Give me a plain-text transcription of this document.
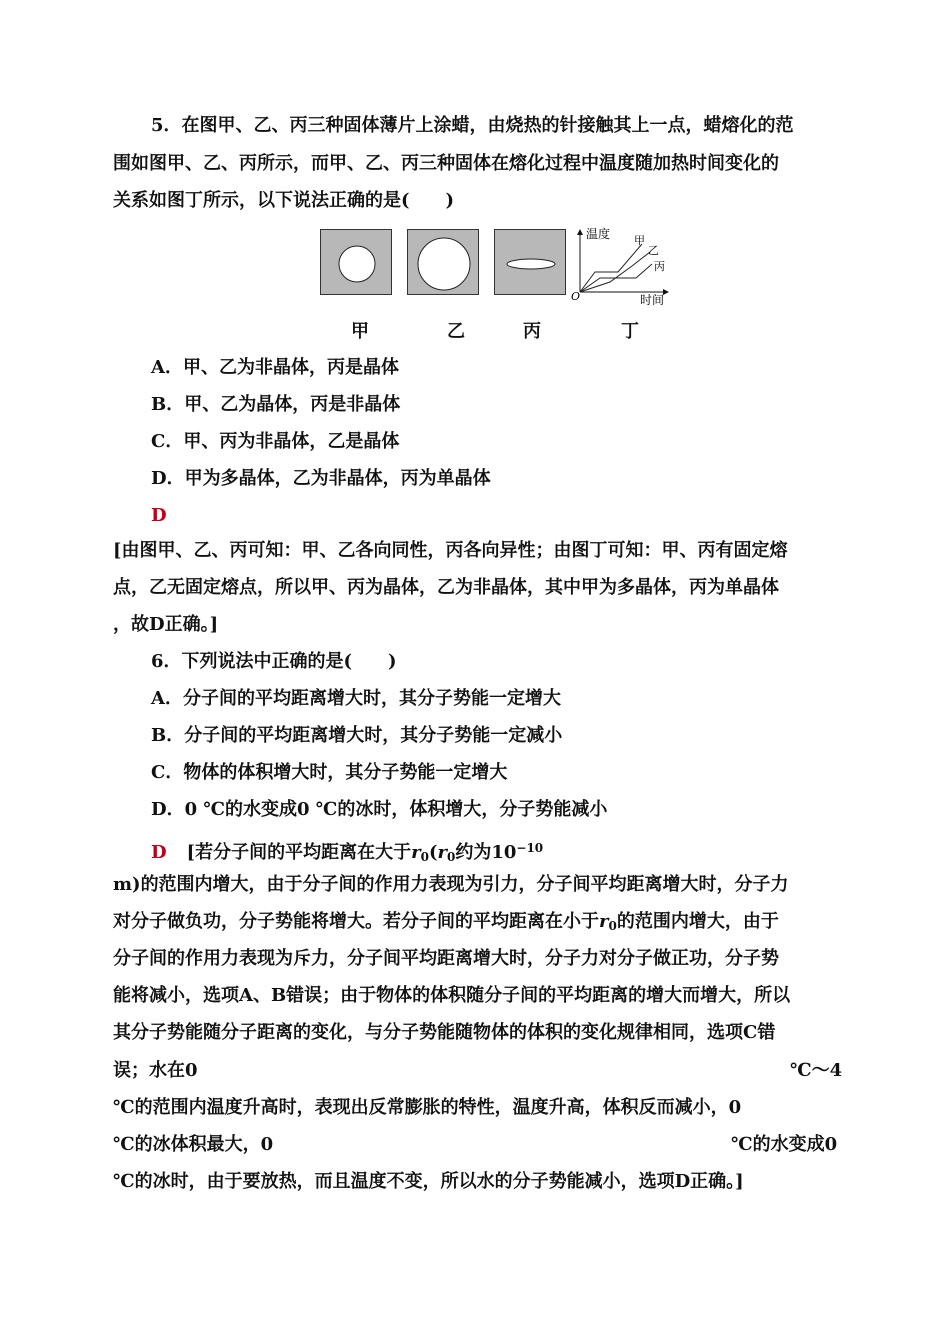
5．在图甲、乙、丙三种固体薄片上涂蜡，由烧热的针接触其上一点，蜡熔化的范
围如图甲、乙、丙所示，而甲、乙、丙三种固体在熔化过程中温度随加热时间变化的
关系如图丁所示，以下说法正确的是(　　)
温度
时间
O
甲
乙
丙
甲	乙	丙	丁
A．甲、乙为非晶体，丙是晶体
B．甲、乙为晶体，丙是非晶体
C．甲、丙为非晶体，乙是晶体
D．甲为多晶体，乙为非晶体，丙为单晶体
D
[由图甲、乙、丙可知：甲、乙各向同性，丙各向异性；由图丁可知：甲、丙有固定熔
点，乙无固定熔点，所以甲、丙为晶体，乙为非晶体，其中甲为多晶体，丙为单晶体
，故D正确。]
6．下列说法中正确的是(　　)
A．分子间的平均距离增大时，其分子势能一定增大
B．分子间的平均距离增大时，其分子势能一定减小
C．物体的体积增大时，其分子势能一定增大
D．0 ℃的水变成0 ℃的冰时，体积增大，分子势能减小
D [若分子间的平均距离在大于$r_0(r_0$约为$10^{-10}$
m)的范围内增大，由于分子间的作用力表现为引力，分子间平均距离增大时，分子力
对分子做负功，分子势能将增大。若分子间的平均距离在小于$r_0$的范围内增大，由于
分子间的作用力表现为斥力，分子间平均距离增大时，分子力对分子做正功，分子势
能将减小，选项A、B错误；由于物体的体积随分子间的平均距离的增大而增大，所以
其分子势能随分子距离的变化，与分子势能随物体的体积的变化规律相同，选项C错
误；水在0	℃～4
℃的范围内温度升高时，表现出反常膨胀的特性，温度升高，体积反而减小，0
℃的冰体积最大，0	℃的水变成0
℃的冰时，由于要放热，而且温度不变，所以水的分子势能减小，选项D正确。]
